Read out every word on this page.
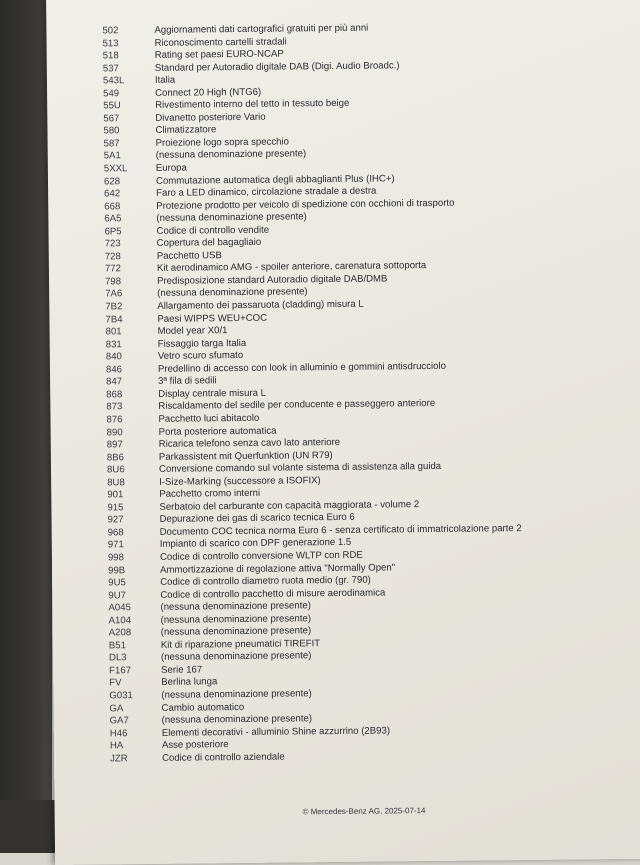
502	Aggiornamenti dati cartografici gratuiti per più anni
513	Riconoscimento cartelli stradali
518	Rating set paesi EURO-NCAP
537	Standard per Autoradio digitale DAB (Digi. Audio Broadc.)
543L	Italia
549	Connect 20 High (NTG6)
55U	Rivestimento interno del tetto in tessuto beige
567	Divanetto posteriore Vario
580	Climatizzatore
587	Proiezione logo sopra specchio
5A1	(nessuna denominazione presente)
5XXL	Europa
628	Commutazione automatica degli abbaglianti Plus (IHC+)
642	Faro a LED dinamico, circolazione stradale a destra
668	Protezione prodotto per veicolo di spedizione con occhioni di trasporto
6A5	(nessuna denominazione presente)
6P5	Codice di controllo vendite
723	Copertura del bagagliaio
728	Pacchetto USB
772	Kit aerodinamico AMG - spoiler anteriore, carenatura sottoporta
798	Predisposizione standard Autoradio digitale DAB/DMB
7A6	(nessuna denominazione presente)
7B2	Allargamento dei passaruota (cladding) misura L
7B4	Paesi WIPPS WEU+COC
801	Model year X0/1
831	Fissaggio targa Italia
840	Vetro scuro sfumato
846	Predellino di accesso con look in alluminio e gommini antisdrucciolo
847	3ª fila di sedili
868	Display centrale misura L
873	Riscaldamento del sedile per conducente e passeggero anteriore
876	Pacchetto luci abitacolo
890	Porta posteriore automatica
897	Ricarica telefono senza cavo lato anteriore
8B6	Parkassistent mit Querfunktion (UN R79)
8U6	Conversione comando sul volante sistema di assistenza alla guida
8U8	I-Size-Marking (successore a ISOFIX)
901	Pacchetto cromo interni
915	Serbatoio del carburante con capacità maggiorata - volume 2
927	Depurazione dei gas di scarico tecnica Euro 6
968	Documento COC tecnica norma Euro 6 - senza certificato di immatricolazione parte 2
971	Impianto di scarico con DPF generazione 1.5
998	Codice di controllo conversione WLTP con RDE
99B	Ammortizzazione di regolazione attiva "Normally Open"
9U5	Codice di controllo diametro ruota medio (gr. 790)
9U7	Codice di controllo pacchetto di misure aerodinamica
A045	(nessuna denominazione presente)
A104	(nessuna denominazione presente)
A208	(nessuna denominazione presente)
B51	Kit di riparazione pneumatici TIREFIT
DL3	(nessuna denominazione presente)
F167	Serie 167
FV	Berlina lunga
G031	(nessuna denominazione presente)
GA	Cambio automatico
GA7	(nessuna denominazione presente)
H46	Elementi decorativi - alluminio Shine azzurrino (2B93)
HA	Asse posteriore
JZR	Codice di controllo aziendale
© Mercedes-Benz AG, 2025-07-14
